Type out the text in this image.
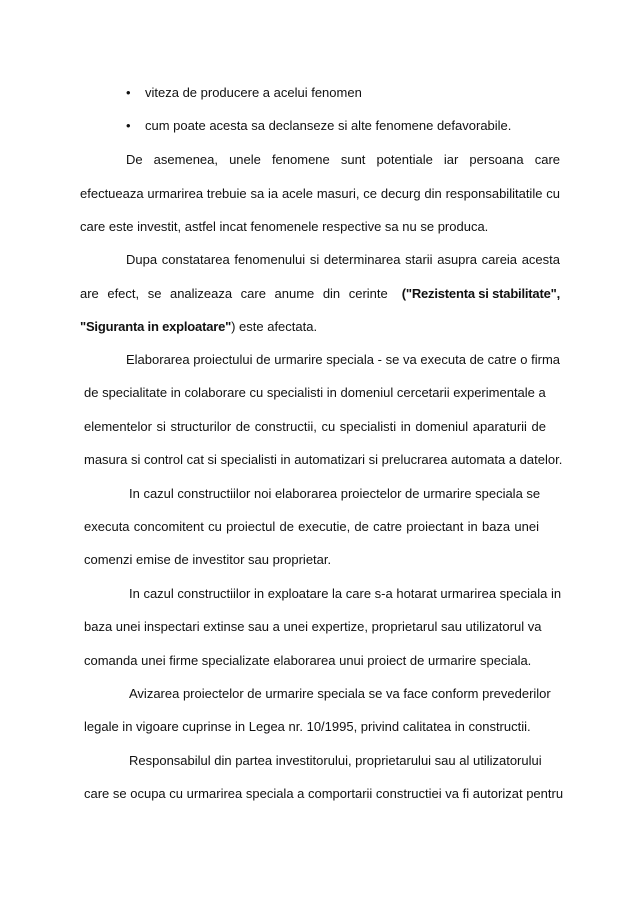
• viteza de producere a acelui fenomen
• cum poate acesta sa declanseze si alte fenomene defavorabile.
De asemenea, unele fenomene sunt potentiale iar persoana care
efectueaza urmarirea trebuie sa ia acele masuri, ce decurg din responsabilitatile cu
care este investit, astfel incat fenomenele respective sa nu se produca.
Dupa constatarea fenomenului si determinarea starii asupra careia acesta
are efect, se analizeaza care anume din cerinte ("Rezistenta si stabilitate",
"Siguranta in exploatare") este afectata.
Elaborarea proiectului de urmarire speciala - se va executa de catre o firma
de specialitate in colaborare cu specialisti in domeniul cercetarii experimentale a
elementelor si structurilor de constructii, cu specialisti in domeniul aparaturii de
masura si control cat si specialisti in automatizari si prelucrarea automata a datelor.
In cazul constructiilor noi elaborarea proiectelor de urmarire speciala se
executa concomitent cu proiectul de executie, de catre proiectant in baza unei
comenzi emise de investitor sau proprietar.
In cazul constructiilor in exploatare la care s-a hotarat urmarirea speciala in
baza unei inspectari extinse sau a unei expertize, proprietarul sau utilizatorul va
comanda unei firme specializate elaborarea unui proiect de urmarire speciala.
Avizarea proiectelor de urmarire speciala se va face conform prevederilor
legale in vigoare cuprinse in Legea nr. 10/1995, privind calitatea in constructii.
Responsabilul din partea investitorului, proprietarului sau al utilizatorului
care se ocupa cu urmarirea speciala a comportarii constructiei va fi autorizat pentru
